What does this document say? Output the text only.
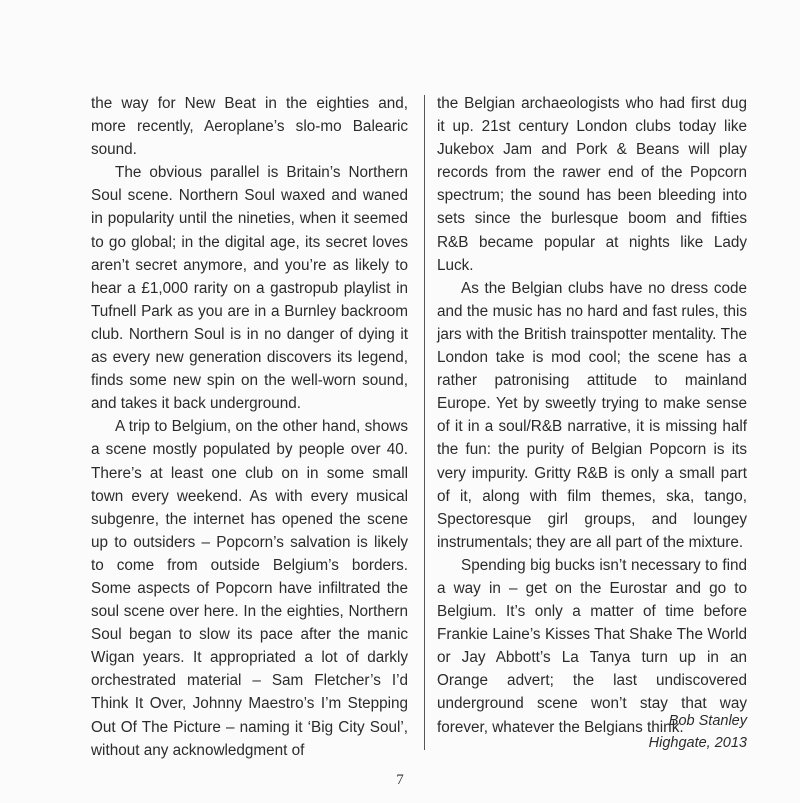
the way for New Beat in the eighties and, more recently, Aeroplane’s slo-mo Balearic sound.

The obvious parallel is Britain’s Northern Soul scene. Northern Soul waxed and waned in popularity until the nineties, when it seemed to go global; in the digital age, its secret loves aren’t secret anymore, and you’re as likely to hear a £1,000 rarity on a gastropub playlist in Tufnell Park as you are in a Burnley backroom club. Northern Soul is in no danger of dying it as every new generation discovers its legend, finds some new spin on the well-worn sound, and takes it back underground.

A trip to Belgium, on the other hand, shows a scene mostly populated by people over 40. There’s at least one club on in some small town every weekend. As with every musical subgenre, the internet has opened the scene up to outsiders – Popcorn’s salvation is likely to come from outside Belgium’s borders. Some aspects of Popcorn have infiltrated the soul scene over here. In the eighties, Northern Soul began to slow its pace after the manic Wigan years. It appropriated a lot of darkly orchestrated material – Sam Fletcher’s I’d Think It Over, Johnny Maestro’s I’m Stepping Out Of The Picture – naming it ‘Big City Soul’, without any acknowledgment of

the Belgian archaeologists who had first dug it up. 21st century London clubs today like Jukebox Jam and Pork & Beans will play records from the rawer end of the Popcorn spectrum; the sound has been bleeding into sets since the burlesque boom and fifties R&B became popular at nights like Lady Luck.

As the Belgian clubs have no dress code and the music has no hard and fast rules, this jars with the British trainspotter mentality. The London take is mod cool; the scene has a rather patronising attitude to mainland Europe. Yet by sweetly trying to make sense of it in a soul/R&B narrative, it is missing half the fun: the purity of Belgian Popcorn is its very impurity. Gritty R&B is only a small part of it, along with film themes, ska, tango, Spectoresque girl groups, and loungey instrumentals; they are all part of the mixture.

Spending big bucks isn’t necessary to find a way in – get on the Eurostar and go to Belgium. It’s only a matter of time before Frankie Laine’s Kisses That Shake The World or Jay Abbott’s La Tanya turn up in an Orange advert; the last undiscovered underground scene won’t stay that way forever, whatever the Belgians think.

Bob Stanley
Highgate, 2013
7
